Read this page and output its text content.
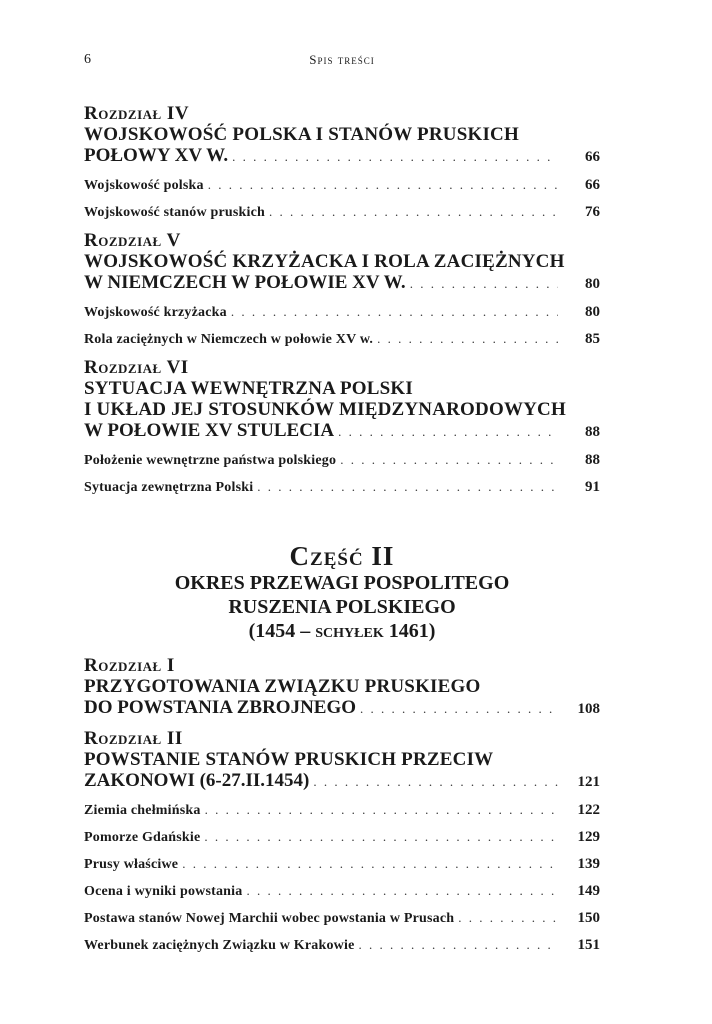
6	Spis treści
Rozdział IV
WOJSKOWOŚĆ POLSKA I STANÓW PRUSKICH
POŁOWY XV W. . . .	66
Wojskowość polska . . .	66
Wojskowość stanów pruskich . . .	76
Rozdział V
WOJSKOWOŚĆ KRZYŻACKA I ROLA ZACIĘŻNYCH
W NIEMCZECH W POŁOWIE XV W. . . .	80
Wojskowość krzyżacka . . .	80
Rola zaciężnych w Niemczech w połowie XV w. . . .	85
Rozdział VI
SYTUACJA WEWNĘTRZNA POLSKI
I UKŁAD JEJ STOSUNKÓW MIĘDZYNARODOWYCH
W POŁOWIE XV STULECIA . . .	88
Położenie wewnętrzne państwa polskiego . . .	88
Sytuacja zewnętrzna Polski . . .	91
Część II
OKRES PRZEWAGI POSPOLITEGO
RUSZENIA POLSKIEGO
(1454 – schyłek 1461)
Rozdział I
PRZYGOTOWANIA ZWIĄZKU PRUSKIEGO
DO POWSTANIA ZBROJNEGO . . .	108
Rozdział II
POWSTANIE STANÓW PRUSKICH PRZECIW
ZAKONOWI (6-27.II.1454) . . .	121
Ziemia chełmińska . . .	122
Pomorze Gdańskie . . .	129
Prusy właściwe . . .	139
Ocena i wyniki powstania . . .	149
Postawa stanów Nowej Marchii wobec powstania w Prusach . . .	150
Werbunek zaciężnych Związku w Krakowie . . .	151
